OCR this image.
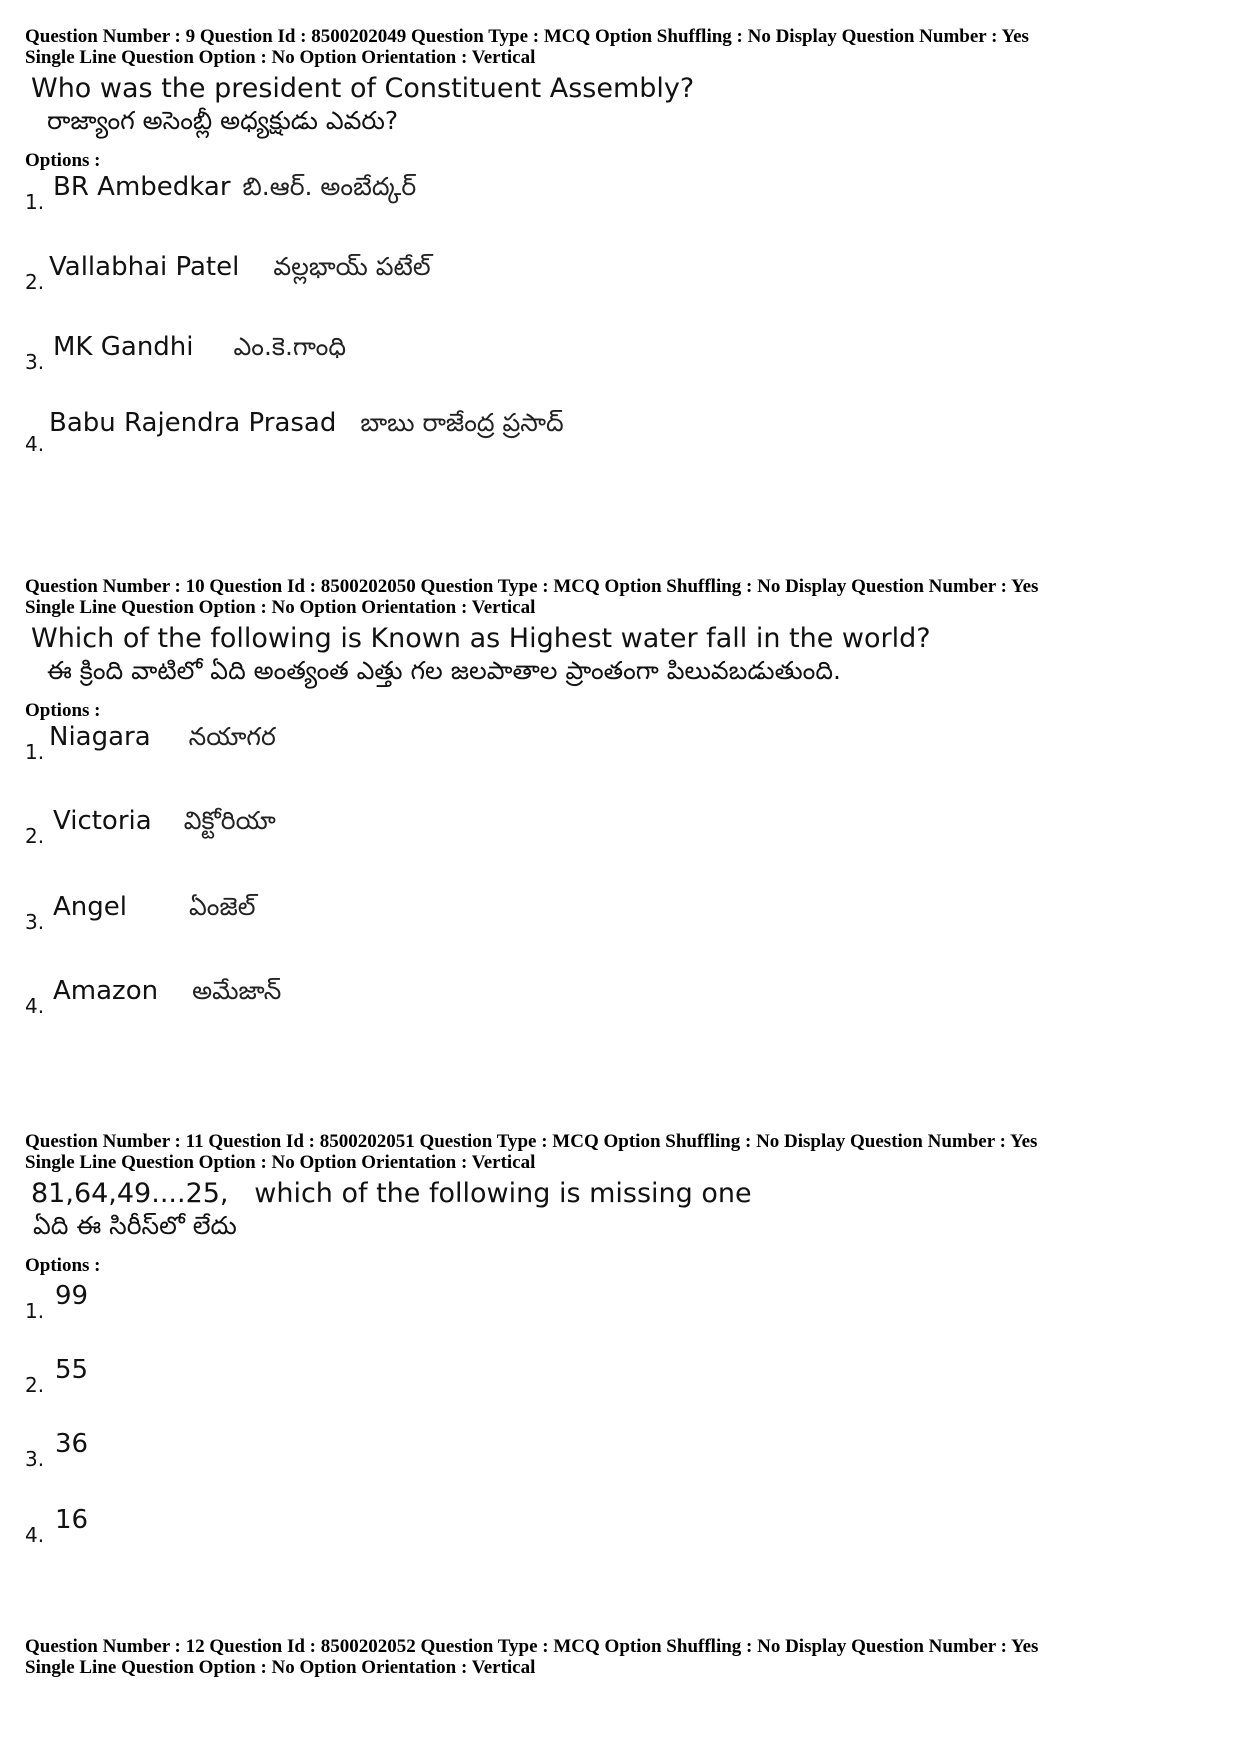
Question Number : 9 Question Id : 8500202049 Question Type : MCQ Option Shuffling : No Display Question Number : Yes

Single Line Question Option : No Option Orientation : Vertical

Who was the president of Constituent Assembly?
రాజ్యాంగ అసెంబ్లీ అధ్యక్షుడు ఎవరు?

Options :

1. BR Ambedkar బి.ఆర్. అంబేద్కర్
2. Vallabhai Patel వల్లభాయ్ పటేల్
3. MK Gandhi ఎం.కె.గాంధి
4.
Babu Rajendra Prasad బాబు రాజేంద్ర ప్రసాద్

Question Number : 10 Question Id : 8500202050 Question Type : MCQ Option Shuffling : No Display Question Number : Yes

Single Line Question Option : No Option Orientation : Vertical

Which of the following is Known as Highest water fall in the world?
ఈ క్రింది వాటిలో ఏది అంత్యంత ఎత్తు గల జలపాతాల ప్రాంతంగా పిలువబడుతుంది.

Options :

1. Niagara నయాగర
2. Victoria విక్టోరియా
3. Angel ఏంజెల్
4. Amazon అమేజాన్

Question Number : 11 Question Id : 8500202051 Question Type : MCQ Option Shuffling : No Display Question Number : Yes

Single Line Question Option : No Option Orientation : Vertical

81,64,49....25,   which of the following is missing one
ఏది ఈ సిరీస్‌లో లేదు

Options :

1. 99
2. 55
3. 36
4. 16

Question Number : 12 Question Id : 8500202052 Question Type : MCQ Option Shuffling : No Display Question Number : Yes

Single Line Question Option : No Option Orientation : Vertical
